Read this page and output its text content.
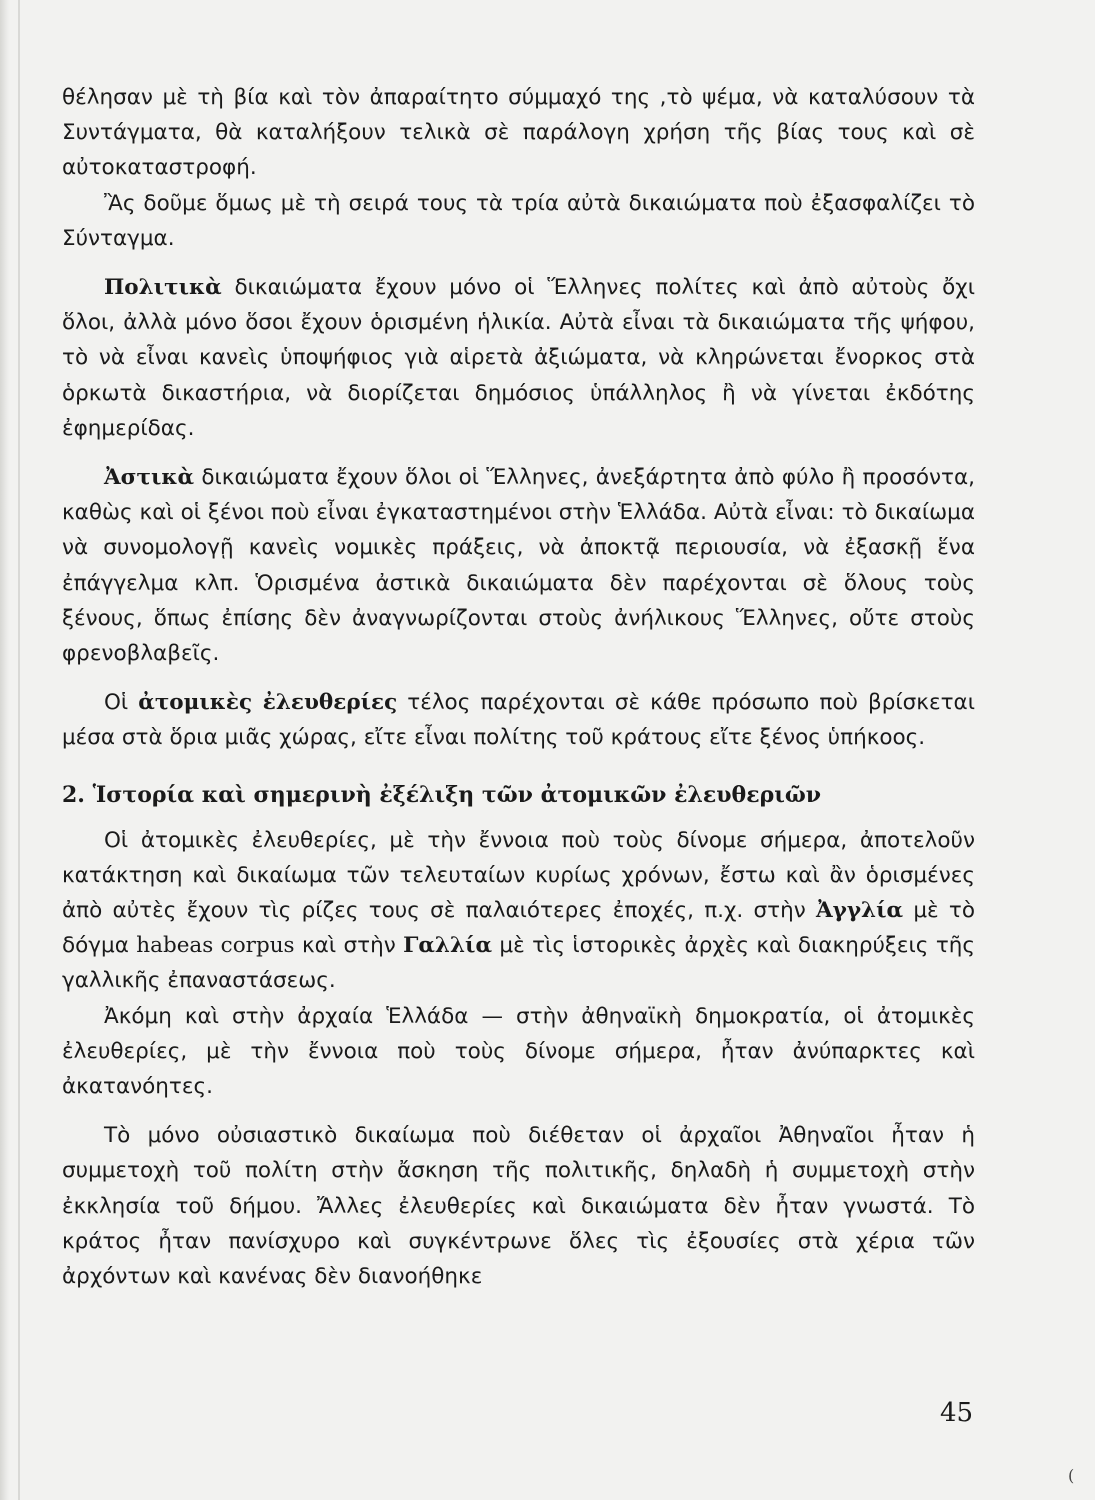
θέλησαν μὲ τὴ βία καὶ τὸν ἀπαραίτητο σύμμαχό της ,τὸ ψέμα, νὰ καταλύσουν τὰ Συντάγματα, θὰ καταλήξουν τελικὰ σὲ παράλογη χρήση τῆς βίας τους καὶ σὲ αὐτοκαταστροφή.

Ἂς δοῦμε ὅμως μὲ τὴ σειρά τους τὰ τρία αὐτὰ δικαιώματα ποὺ ἐξασφαλίζει τὸ Σύνταγμα.

Πολιτικὰ δικαιώματα ἔχουν μόνο οἱ Ἕλληνες πολίτες καὶ ἀπὸ αὐτοὺς ὄχι ὅλοι, ἀλλὰ μόνο ὅσοι ἔχουν ὁρισμένη ἡλικία. Αὐτὰ εἶναι τὰ δικαιώματα τῆς ψήφου, τὸ νὰ εἶναι κανεὶς ὑποψήφιος γιὰ αἱρετὰ ἀξιώματα, νὰ κληρώνεται ἔνορκος στὰ ὁρκωτὰ δικαστήρια, νὰ διορίζεται δημόσιος ὑπάλληλος ἢ νὰ γίνεται ἐκδότης ἐφημερίδας.

Ἀστικὰ δικαιώματα ἔχουν ὅλοι οἱ Ἕλληνες, ἀνεξάρτητα ἀπὸ φύλο ἢ προσόντα, καθὼς καὶ οἱ ξένοι ποὺ εἶναι ἐγκαταστημένοι στὴν Ἑλλάδα. Αὐτὰ εἶναι: τὸ δικαίωμα νὰ συνομολογῇ κανεὶς νομικὲς πράξεις, νὰ ἀποκτᾷ περιουσία, νὰ ἐξασκῇ ἕνα ἐπάγγελμα κλπ. Ὁρισμένα ἀστικὰ δικαιώματα δὲν παρέχονται σὲ ὅλους τοὺς ξένους, ὅπως ἐπίσης δὲν ἀναγνωρίζονται στοὺς ἀνήλικους Ἕλληνες, οὔτε στοὺς φρενοβλαβεῖς.

Οἱ ἀτομικὲς ἐλευθερίες τέλος παρέχονται σὲ κάθε πρόσωπο ποὺ βρίσκεται μέσα στὰ ὅρια μιᾶς χώρας, εἴτε εἶναι πολίτης τοῦ κράτους εἴτε ξένος ὑπήκοος.

2. Ἱστορία καὶ σημερινὴ ἐξέλιξη τῶν ἀτομικῶν ἐλευθεριῶν

Οἱ ἀτομικὲς ἐλευθερίες, μὲ τὴν ἔννοια ποὺ τοὺς δίνομε σήμερα, ἀποτελοῦν κατάκτηση καὶ δικαίωμα τῶν τελευταίων κυρίως χρόνων, ἔστω καὶ ἂν ὁρισμένες ἀπὸ αὐτὲς ἔχουν τὶς ρίζες τους σὲ παλαιότερες ἐποχές, π.χ. στὴν Ἀγγλία μὲ τὸ δόγμα habeas corpus καὶ στὴν Γαλλία μὲ τὶς ἱστορικὲς ἀρχὲς καὶ διακηρύξεις τῆς γαλλικῆς ἐπαναστάσεως.

Ἀκόμη καὶ στὴν ἀρχαία Ἑλλάδα — στὴν ἀθηναϊκὴ δημοκρατία, οἱ ἀτομικὲς ἐλευθερίες, μὲ τὴν ἔννοια ποὺ τοὺς δίνομε σήμερα, ἦταν ἀνύπαρκτες καὶ ἀκατανόητες.

Τὸ μόνο οὐσιαστικὸ δικαίωμα ποὺ διέθεταν οἱ ἀρχαῖοι Ἀθηναῖοι ἦταν ἡ συμμετοχὴ τοῦ πολίτη στὴν ἄσκηση τῆς πολιτικῆς, δηλαδὴ ἡ συμμετοχὴ στὴν ἐκκλησία τοῦ δήμου. Ἄλλες ἐλευθερίες καὶ δικαιώματα δὲν ἦταν γνωστά. Τὸ κράτος ἦταν πανίσχυρο καὶ συγκέντρωνε ὅλες τὶς ἐξουσίες στὰ χέρια τῶν ἀρχόντων καὶ κανένας δὲν διανοήθηκε

45
(
